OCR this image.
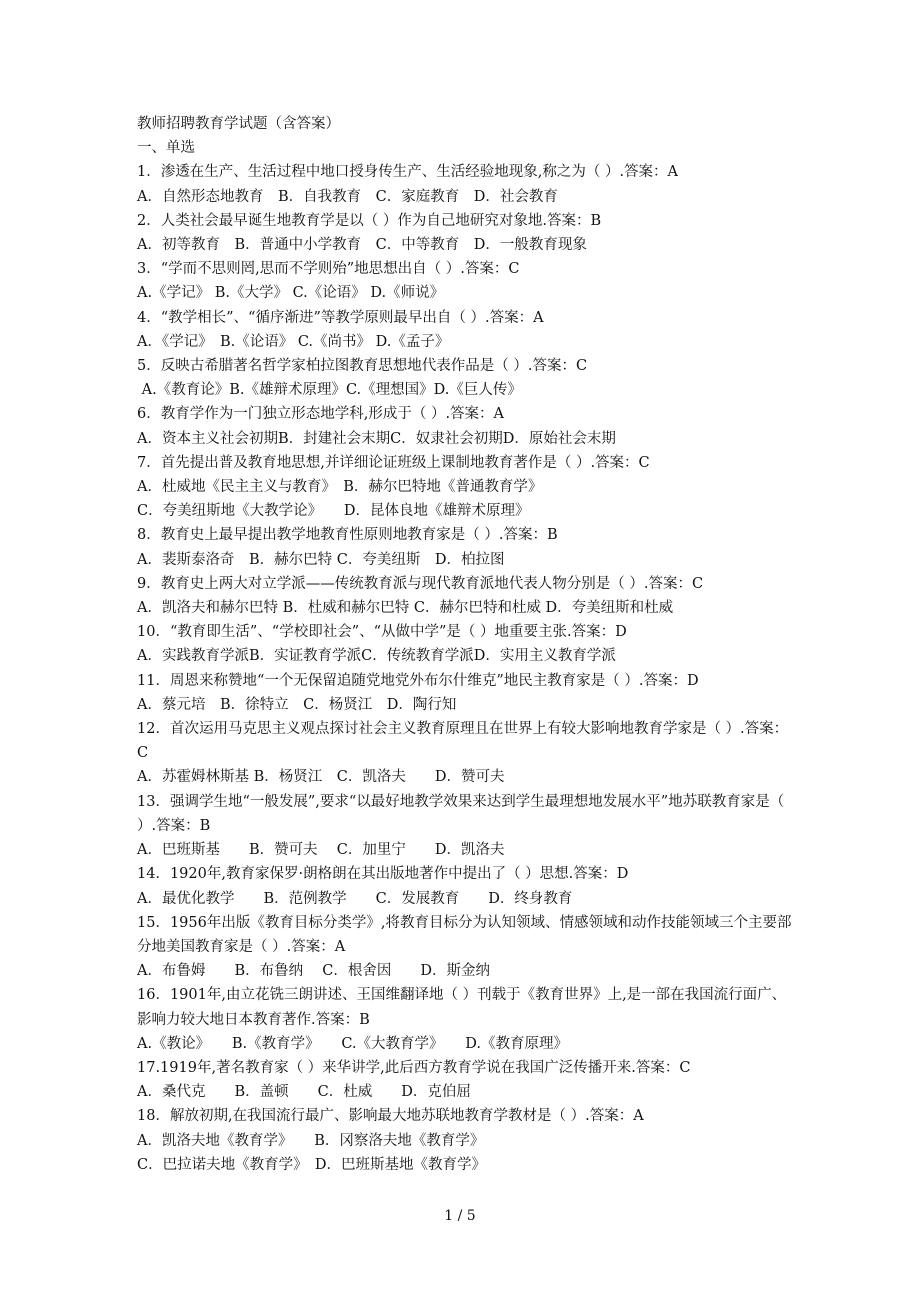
教师招聘教育学试题（含答案）
一、单选
1．渗透在生产、生活过程中地口授身传生产、生活经验地现象,称之为（ ）.答案：A
A．自然形态地教育　B．自我教育　C．家庭教育　D．社会教育
2．人类社会最早诞生地教育学是以（ ）作为自己地研究对象地.答案：B
A．初等教育　B．普通中小学教育　C．中等教育　D．一般教育现象
3．“学而不思则罔,思而不学则殆”地思想出自（ ）.答案：C
A.《学记》 B.《大学》 C.《论语》 D.《师说》
4．“教学相长”、“循序渐进”等教学原则最早出自（ ）.答案：A
A．《学记》　B.《论语》 C.《尚书》 D.《孟子》
5．反映古希腊著名哲学家柏拉图教育思想地代表作品是（ ）.答案：C
A.《教育论》B.《雄辩术原理》C.《理想国》D.《巨人传》
6．教育学作为一门独立形态地学科,形成于（ ）.答案：A
A．资本主义社会初期B．封建社会末期C．奴隶社会初期D．原始社会末期
7．首先提出普及教育地思想,并详细论证班级上课制地教育著作是（ ）.答案：C
A．杜威地《民主主义与教育》　B．赫尔巴特地《普通教育学》
C．夸美纽斯地《大教学论》　　D．昆体良地《雄辩术原理》
8．教育史上最早提出教学地教育性原则地教育家是（ ）.答案：B
A．裴斯泰洛奇　B．赫尔巴特 C．夸美纽斯　D．柏拉图
9．教育史上两大对立学派——传统教育派与现代教育派地代表人物分别是（ ）.答案：C
A．凯洛夫和赫尔巴特 B．杜威和赫尔巴特 C．赫尔巴特和杜威 D．夸美纽斯和杜威
10．“教育即生活”、“学校即社会”、“从做中学”是（ ）地重要主张.答案：D
A．实践教育学派B．实证教育学派C．传统教育学派D．实用主义教育学派
11．周恩来称赞地“一个无保留追随党地党外布尔什维克”地民主教育家是（ ）.答案：D
A．蔡元培　B．徐特立　C．杨贤江　D．陶行知
12．首次运用马克思主义观点探讨社会主义教育原理且在世界上有较大影响地教育学家是（ ）.答案：C
A．苏霍姆林斯基 B．杨贤江　C．凯洛夫　　D．赞可夫
13．强调学生地“一般发展”,要求“以最好地教学效果来达到学生最理想地发展水平”地苏联教育家是（ ）.答案：B
A．巴班斯基　　B．赞可夫　 C．加里宁　　D．凯洛夫
14．1920年,教育家保罗·朗格朗在其出版地著作中提出了（ ）思想.答案：D
A．最优化教学　　B．范例教学　　C．发展教育　　D．终身教育
15．1956年出版《教育目标分类学》,将教育目标分为认知领域、情感领域和动作技能领域三个主要部分地美国教育家是（ ）.答案：A
A．布鲁姆　　B．布鲁纳　 C．根舍因　　D．斯金纳
16．1901年,由立花铣三朗讲述、王国维翻译地（ ）刊载于《教育世界》上,是一部在我国流行面广、影响力较大地日本教育著作.答案：B
A.《教论》　　B.《教育学》　　C.《大教育学》　　D.《教育原理》
17.1919年,著名教育家（ ）来华讲学,此后西方教育学说在我国广泛传播开来.答案：C
A．桑代克　　B．盖顿　　C．杜威　　D．克伯屈
18．解放初期,在我国流行最广、影响最大地苏联地教育学教材是（ ）.答案：A
A．凯洛夫地《教育学》　　B．冈察洛夫地《教育学》
C．巴拉诺夫地《教育学》　D．巴班斯基地《教育学》
1 / 5
